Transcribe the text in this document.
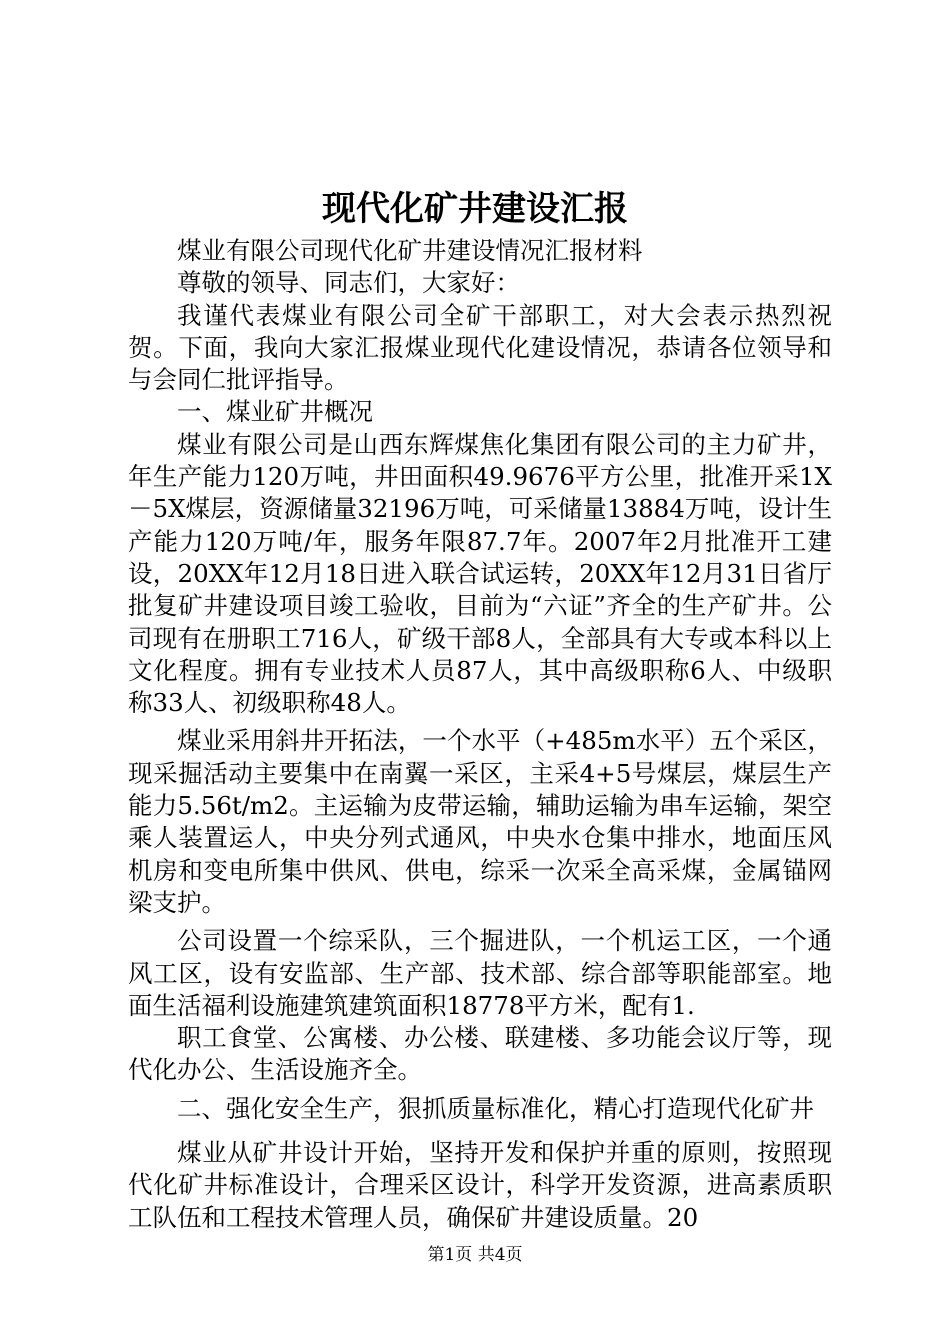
现代化矿井建设汇报

煤业有限公司现代化矿井建设情况汇报材料

尊敬的领导、同志们，大家好：

我谨代表煤业有限公司全矿干部职工，对大会表示热烈祝贺。下面，我向大家汇报煤业现代化建设情况，恭请各位领导和与会同仁批评指导。

一、煤业矿井概况

煤业有限公司是山西东辉煤焦化集团有限公司的主力矿井，年生产能力120万吨，井田面积49.9676平方公里，批准开采1X－5X煤层，资源储量32196万吨，可采储量13884万吨，设计生产能力120万吨/年，服务年限87.7年。2007年2月批准开工建设，20XX年12月18日进入联合试运转，20XX年12月31日省厅批复矿井建设项目竣工验收，目前为“六证”齐全的生产矿井。公司现有在册职工716人，矿级干部8人，全部具有大专或本科以上文化程度。拥有专业技术人员87人，其中高级职称6人、中级职称33人、初级职称48人。

煤业采用斜井开拓法，一个水平（+485m水平）五个采区，现采掘活动主要集中在南翼一采区，主采4+5号煤层，煤层生产能力5.56t/m2。主运输为皮带运输，辅助运输为串车运输，架空乘人装置运人，中央分列式通风，中央水仓集中排水，地面压风机房和变电所集中供风、供电，综采一次采全高采煤，金属锚网梁支护。

公司设置一个综采队，三个掘进队，一个机运工区，一个通风工区，设有安监部、生产部、技术部、综合部等职能部室。地面生活福利设施建筑建筑面积18778平方米，配有1.

职工食堂、公寓楼、办公楼、联建楼、多功能会议厅等，现代化办公、生活设施齐全。

二、强化安全生产，狠抓质量标准化，精心打造现代化矿井

煤业从矿井设计开始，坚持开发和保护并重的原则，按照现代化矿井标准设计，合理采区设计，科学开发资源，进高素质职工队伍和工程技术管理人员，确保矿井建设质量。20

第1页 共4页
